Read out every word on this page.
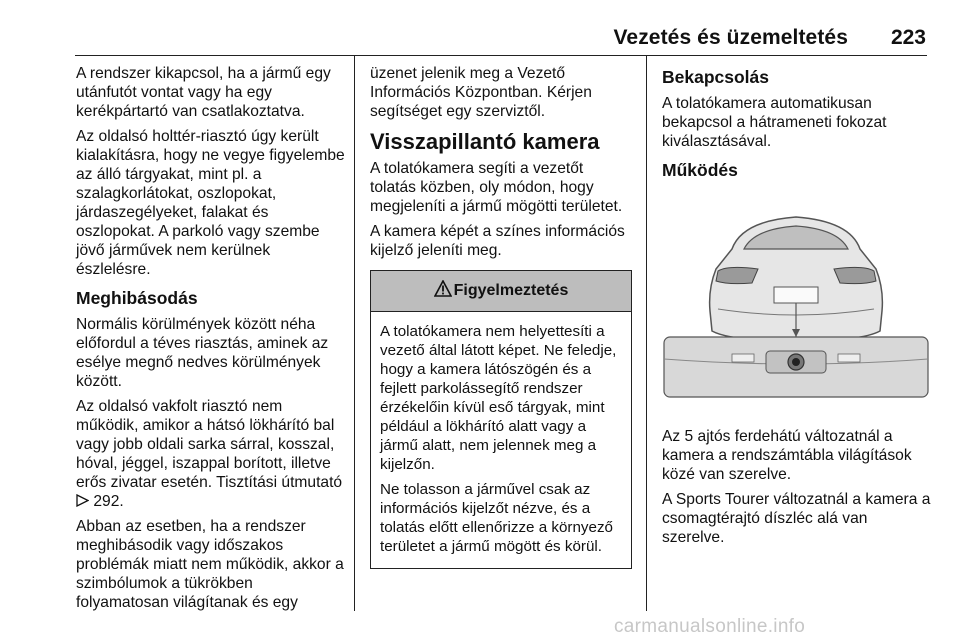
Vezetés és üzemeltetés 223

A rendszer kikapcsol, ha a jármű egy utánfutót vontat vagy ha egy kerékpártartó van csatlakoztatva.

Az oldalsó holttér-riasztó úgy került kialakításra, hogy ne vegye figyelembe az álló tárgyakat, mint pl. a szalagkorlátokat, oszlopokat, járdaszegélyeket, falakat és oszlopokat. A parkoló vagy szembe jövő járművek nem kerülnek észlelésre.

Meghibásodás

Normális körülmények között néha előfordul a téves riasztás, aminek az esélye megnő nedves körülmények között.

Az oldalsó vakfolt riasztó nem működik, amikor a hátsó lökhárító bal vagy jobb oldali sarka sárral, kosszal, hóval, jéggel, iszappal borított, illetve erős zivatar esetén. Tisztítási útmutató  292.

Abban az esetben, ha a rendszer meghibásodik vagy időszakos problémák miatt nem működik, akkor a szimbólumok a tükrökben folyamatosan világítanak és egy

üzenet jelenik meg a Vezető Információs Központban. Kérjen segítséget egy szerviztől.

Visszapillantó kamera

A tolatókamera segíti a vezetőt tolatás közben, oly módon, hogy megjeleníti a jármű mögötti területet.

A kamera képét a színes információs kijelző jeleníti meg.

Figyelmeztetés

A tolatókamera nem helyettesíti a vezető által látott képet. Ne feledje, hogy a kamera látószögén és a fejlett parkolássegítő rendszer érzékelőin kívül eső tárgyak, mint például a lökhárító alatt vagy a jármű alatt, nem jelennek meg a kijelzőn.

Ne tolasson a járművel csak az információs kijelzőt nézve, és a tolatás előtt ellenőrizze a környező területet a jármű mögött és körül.

Bekapcsolás

A tolatókamera automatikusan bekapcsol a hátrameneti fokozat kiválasztásával.

Működés

Az 5 ajtós ferdehátú változatnál a kamera a rendszámtábla világítások közé van szerelve.

A Sports Tourer változatnál a kamera a csomagtérajtó díszléc alá van szerelve.

carmanualsonline.info
